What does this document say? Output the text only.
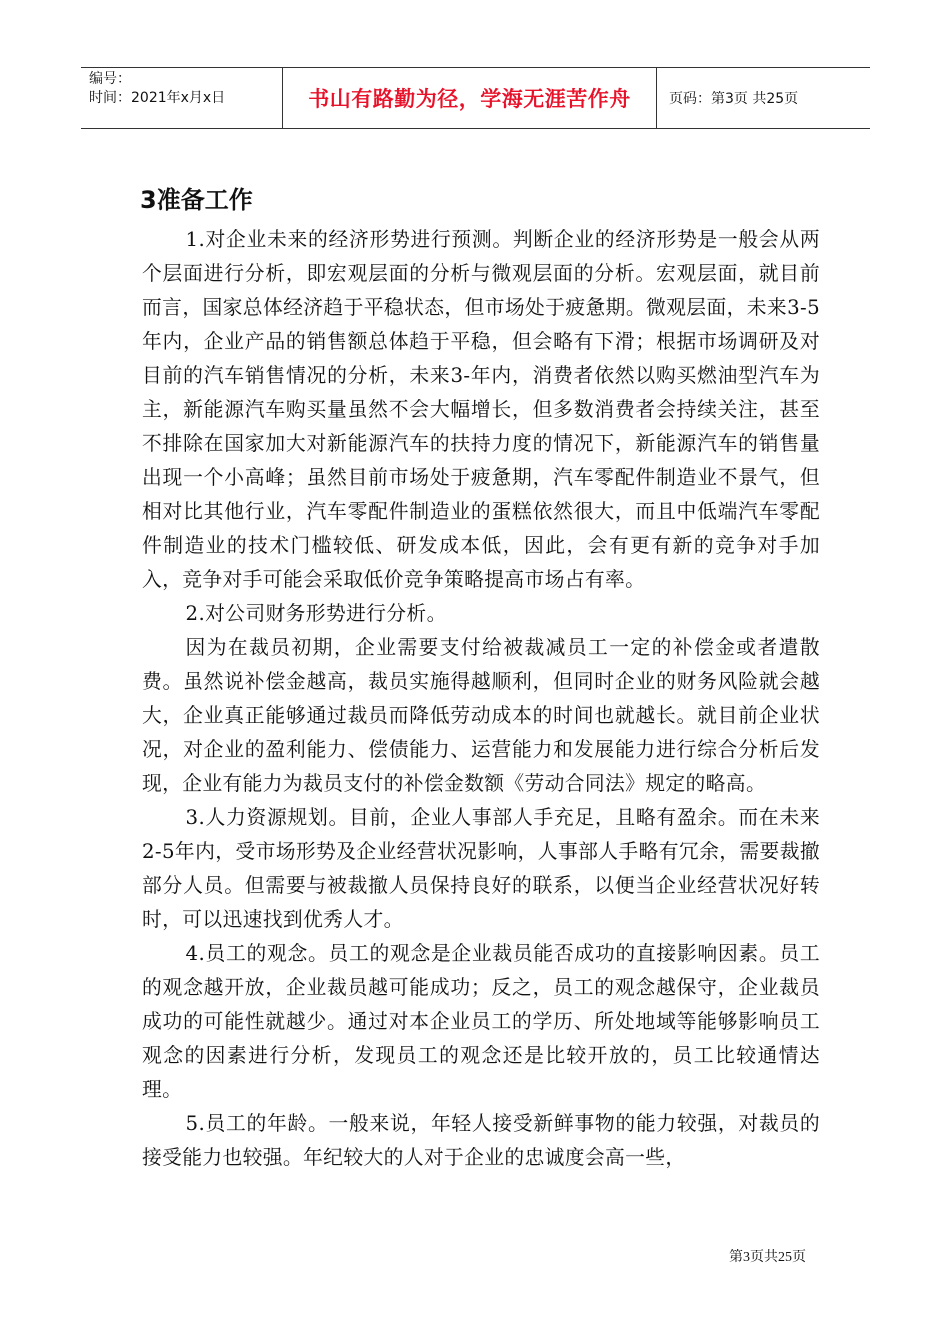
编号：
时间：2021年x月x日	书山有路勤为径，学海无涯苦作舟	页码：第3页 共25页
3准备工作

1.对企业未来的经济形势进行预测。判断企业的经济形势是一般会从两个层面进行分析，即宏观层面的分析与微观层面的分析。宏观层面，就目前而言，国家总体经济趋于平稳状态，但市场处于疲惫期。微观层面，未来3-5年内，企业产品的销售额总体趋于平稳，但会略有下滑；根据市场调研及对目前的汽车销售情况的分析，未来3-年内，消费者依然以购买燃油型汽车为主，新能源汽车购买量虽然不会大幅增长，但多数消费者会持续关注，甚至不排除在国家加大对新能源汽车的扶持力度的情况下，新能源汽车的销售量出现一个小高峰；虽然目前市场处于疲惫期，汽车零配件制造业不景气，但相对比其他行业，汽车零配件制造业的蛋糕依然很大，而且中低端汽车零配件制造业的技术门槛较低、研发成本低，因此，会有更有新的竞争对手加入，竞争对手可能会采取低价竞争策略提高市场占有率。

2.对公司财务形势进行分析。

因为在裁员初期，企业需要支付给被裁减员工一定的补偿金或者遣散费。虽然说补偿金越高，裁员实施得越顺利，但同时企业的财务风险就会越大，企业真正能够通过裁员而降低劳动成本的时间也就越长。就目前企业状况，对企业的盈利能力、偿债能力、运营能力和发展能力进行综合分析后发现，企业有能力为裁员支付的补偿金数额《劳动合同法》规定的略高。

3.人力资源规划。目前，企业人事部人手充足，且略有盈余。而在未来2-5年内，受市场形势及企业经营状况影响，人事部人手略有冗余，需要裁撤部分人员。但需要与被裁撤人员保持良好的联系，以便当企业经营状况好转时，可以迅速找到优秀人才。

4.员工的观念。员工的观念是企业裁员能否成功的直接影响因素。员工的观念越开放，企业裁员越可能成功；反之，员工的观念越保守，企业裁员成功的可能性就越少。通过对本企业员工的学历、所处地域等能够影响员工观念的因素进行分析，发现员工的观念还是比较开放的，员工比较通情达理。

5.员工的年龄。一般来说，年轻人接受新鲜事物的能力较强，对裁员的接受能力也较强。年纪较大的人对于企业的忠诚度会高一些，

第3页共25页
